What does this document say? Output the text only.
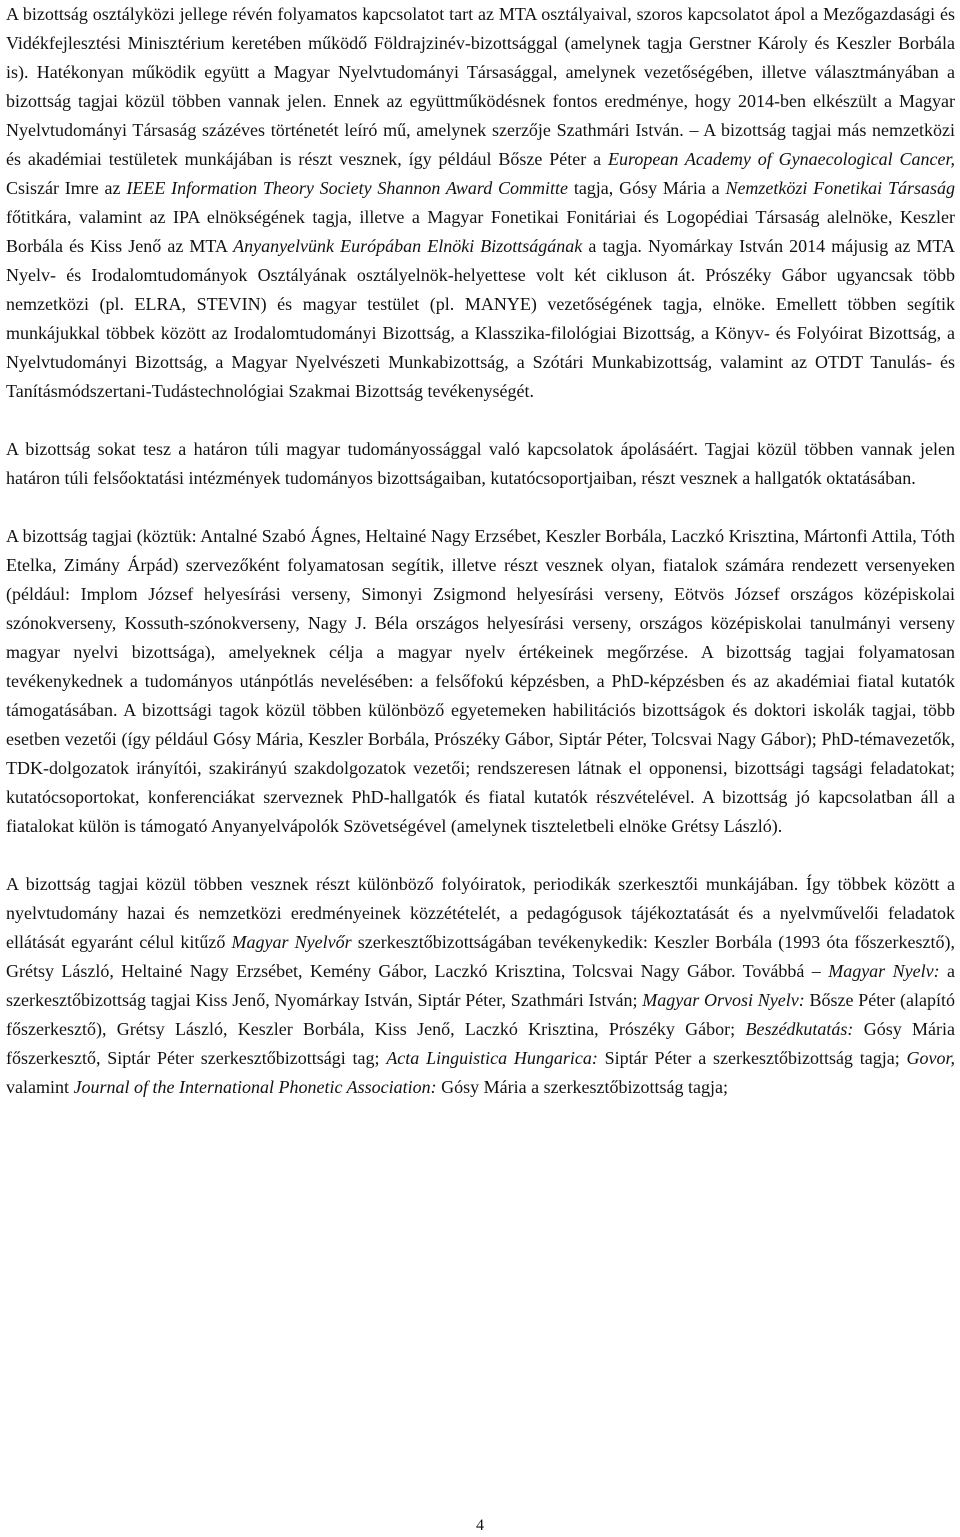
A bizottság osztályközi jellege révén folyamatos kapcsolatot tart az MTA osztályaival, szoros kapcsolatot ápol a Mezőgazdasági és Vidékfejlesztési Minisztérium keretében működő Földrajzinév-bizottsággal (amelynek tagja Gerstner Károly és Keszler Borbála is). Hatékonyan működik együtt a Magyar Nyelvtudományi Társasággal, amelynek vezetőségében, illetve választmányában a bizottság tagjai közül többen vannak jelen. Ennek az együttműködésnek fontos eredménye, hogy 2014-ben elkészült a Magyar Nyelvtudományi Társaság százéves történetét leíró mű, amelynek szerzője Szathmári István. – A bizottság tagjai más nemzetközi és akadémiai testületek munkájában is részt vesznek, így például Bősze Péter a European Academy of Gynaecological Cancer, Csiszár Imre az IEEE Information Theory Society Shannon Award Committe tagja, Gósy Mária a Nemzetközi Fonetikai Társaság főtitkára, valamint az IPA elnökségének tagja, illetve a Magyar Fonetikai Fonitáriai és Logopédiai Társaság alelnöke, Keszler Borbála és Kiss Jenő az MTA Anyanyelvünk Európában Elnöki Bizottságának a tagja. Nyomárkay István 2014 májusig az MTA Nyelv- és Irodalomtudományok Osztályának osztályelnök-helyettese volt két cikluson át. Prószéky Gábor ugyancsak több nemzetközi (pl. ELRA, STEVIN) és magyar testület (pl. MANYE) vezetőségének tagja, elnöke. Emellett többen segítik munkájukkal többek között az Irodalomtudományi Bizottság, a Klasszika-filológiai Bizottság, a Könyv- és Folyóirat Bizottság, a Nyelvtudományi Bizottság, a Magyar Nyelvészeti Munkabizottság, a Szótári Munkabizottság, valamint az OTDT Tanulás- és Tanításmódszertani-Tudástechnológiai Szakmai Bizottság tevékenységét.

A bizottság sokat tesz a határon túli magyar tudományossággal való kapcsolatok ápolásáért. Tagjai közül többen vannak jelen határon túli felsőoktatási intézmények tudományos bizottságaiban, kutatócsoportjaiban, részt vesznek a hallgatók oktatásában.

A bizottság tagjai (köztük: Antalné Szabó Ágnes, Heltainé Nagy Erzsébet, Keszler Borbála, Laczkó Krisztina, Mártonfi Attila, Tóth Etelka, Zimány Árpád) szervezőként folyamatosan segítik, illetve részt vesznek olyan, fiatalok számára rendezett versenyeken (például: Implom József helyesírási verseny, Simonyi Zsigmond helyesírási verseny, Eötvös József országos középiskolai szónokverseny, Kossuth-szónokverseny, Nagy J. Béla országos helyesírási verseny, országos középiskolai tanulmányi verseny magyar nyelvi bizottsága), amelyeknek célja a magyar nyelv értékeinek megőrzése. A bizottság tagjai folyamatosan tevékenykednek a tudományos utánpótlás nevelésében: a felsőfokú képzésben, a PhD-képzésben és az akadémiai fiatal kutatók támogatásában. A bizottsági tagok közül többen különböző egyetemeken habilitációs bizottságok és doktori iskolák tagjai, több esetben vezetői (így például Gósy Mária, Keszler Borbála, Prószéky Gábor, Siptár Péter, Tolcsvai Nagy Gábor); PhD-témavezetők, TDK-dolgozatok irányítói, szakirányú szakdolgozatok vezetői; rendszeresen látnak el opponensi, bizottsági tagsági feladatokat; kutatócsoportokat, konferenciákat szerveznek PhD-hallgatók és fiatal kutatók részvételével. A bizottság jó kapcsolatban áll a fiatalokat külön is támogató Anyanyelvápolók Szövetségével (amelynek tiszteletbeli elnöke Grétsy László).

A bizottság tagjai közül többen vesznek részt különböző folyóiratok, periodikák szerkesztői munkájában. Így többek között a nyelvtudomány hazai és nemzetközi eredményeinek közzétételét, a pedagógusok tájékoztatását és a nyelvművelői feladatok ellátását egyaránt célul kitűző Magyar Nyelvőr szerkesztőbizottságában tevékenykedik: Keszler Borbála (1993 óta főszerkesztő), Grétsy László, Heltainé Nagy Erzsébet, Kemény Gábor, Laczkó Krisztina, Tolcsvai Nagy Gábor. Továbbá – Magyar Nyelv: a szerkesztőbizottság tagjai Kiss Jenő, Nyomárkay István, Siptár Péter, Szathmári István; Magyar Orvosi Nyelv: Bősze Péter (alapító főszerkesztő), Grétsy László, Keszler Borbála, Kiss Jenő, Laczkó Krisztina, Prószéky Gábor; Beszédkutatás: Gósy Mária főszerkesztő, Siptár Péter szerkesztőbizottsági tag; Acta Linguistica Hungarica: Siptár Péter a szerkesztőbizottság tagja; Govor, valamint Journal of the International Phonetic Association: Gósy Mária a szerkesztőbizottság tagja;

4
